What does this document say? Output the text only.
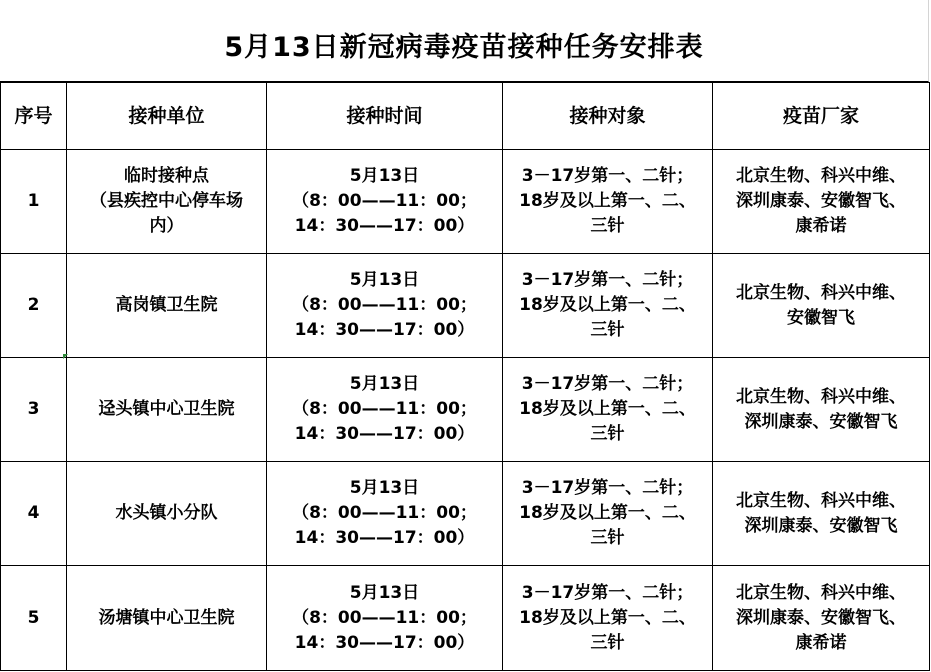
5月13日新冠病毒疫苗接种任务安排表
序号	接种单位	接种时间	接种对象	疫苗厂家
1	临时接种点
（县疾控中心停车场
内）	5月13日
（8：00——11：00；
14：30——17：00）	3－17岁第一、二针；
18岁及以上第一、二、
三针	北京生物、科兴中维、
深圳康泰、安徽智飞、
康希诺

2	高岗镇卫生院	5月13日
（8：00——11：00；
14：30——17：00）	3－17岁第一、二针；
18岁及以上第一、二、
三针	北京生物、科兴中维、
安徽智飞

3	迳头镇中心卫生院	5月13日
（8：00——11：00；
14：30——17：00）	3－17岁第一、二针；
18岁及以上第一、二、
三针	北京生物、科兴中维、
深圳康泰、安徽智飞

4	水头镇小分队	5月13日
（8：00——11：00；
14：30——17：00）	3－17岁第一、二针；
18岁及以上第一、二、
三针	北京生物、科兴中维、
深圳康泰、安徽智飞

5	汤塘镇中心卫生院	5月13日
（8：00——11：00；
14：30——17：00）	3－17岁第一、二针；
18岁及以上第一、二、
三针	北京生物、科兴中维、
深圳康泰、安徽智飞、
康希诺
